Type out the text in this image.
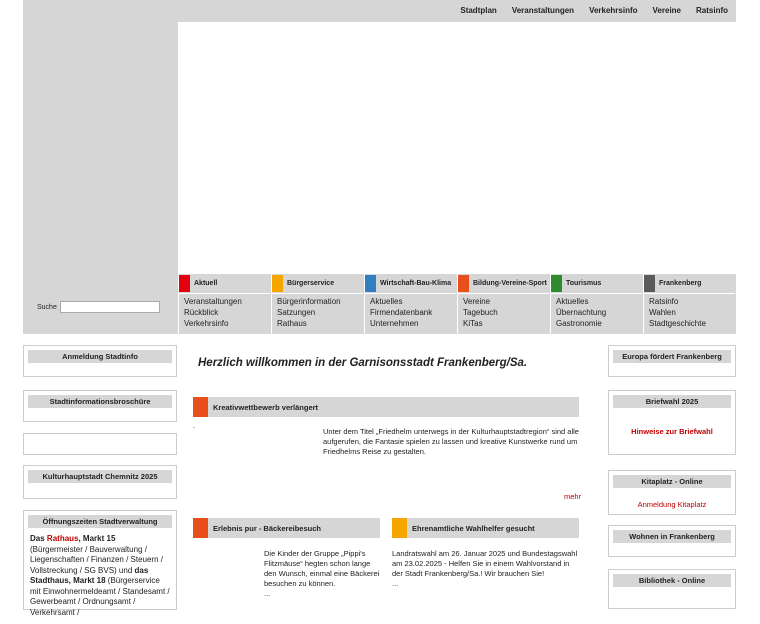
Stadtplan Veranstaltungen Verkehrsinfo Vereine Ratsinfo
Suche
Aktuell
Veranstaltungen
Rückblick
Verkehrsinfo
Bürgerservice
Bürgerinformation
Satzungen
Rathaus
Wirtschaft-Bau-Klima
Aktuelles
Firmendatenbank
Unternehmen
Bildung-Vereine-Sport
Vereine
Tagebuch
KiTas
Tourismus
Aktuelles
Übernachtung
Gastronomie
Frankenberg
Ratsinfo
Wahlen
Stadtgeschichte
Anmeldung Stadtinfo
Stadtinformationsbroschüre
Kulturhauptstadt Chemnitz 2025
Öffnungszeiten Stadtverwaltung
Das Rathaus, Markt 15 (Bürgermeister / Bauverwaltung / Liegenschaften / Finanzen / Steuern / Vollstreckung / SG BVS) und das Stadthaus, Markt 18 (Bürgerservice mit Einwohnermeldeamt / Standesamt / Gewerbeamt / Ordnungsamt / Verkehrsamt /
Herzlich willkommen in der Garnisonsstadt Frankenberg/Sa.
Kreativwettbewerb verlängert
.
Unter dem Titel „Friedhelm unterwegs in der Kulturhauptstadtregion“ sind alle aufgerufen, die Fantasie spielen zu lassen und kreative Kunstwerke rund um Friedhelms Reise zu gestalten.
mehr
Erlebnis pur - Bäckereibesuch
Die Kinder der Gruppe „Pippi's Flitzmäuse“ hegten schon lange den Wunsch, einmal eine Bäckerei besuchen zu können.
...
Ehrenamtliche Wahlhelfer gesucht
Landratswahl am 26. Januar 2025 und Bundestagswahl am 23.02.2025 - Helfen Sie in einem Wahlvorstand in der Stadt Frankenberg/Sa.! Wir brauchen Sie!
...
Europa fördert Frankenberg
Briefwahl 2025
Hinweise zur Briefwahl
Kitaplatz - Online
Anmeldung Kitaplatz
Wohnen in Frankenberg
Bibliothek - Online
